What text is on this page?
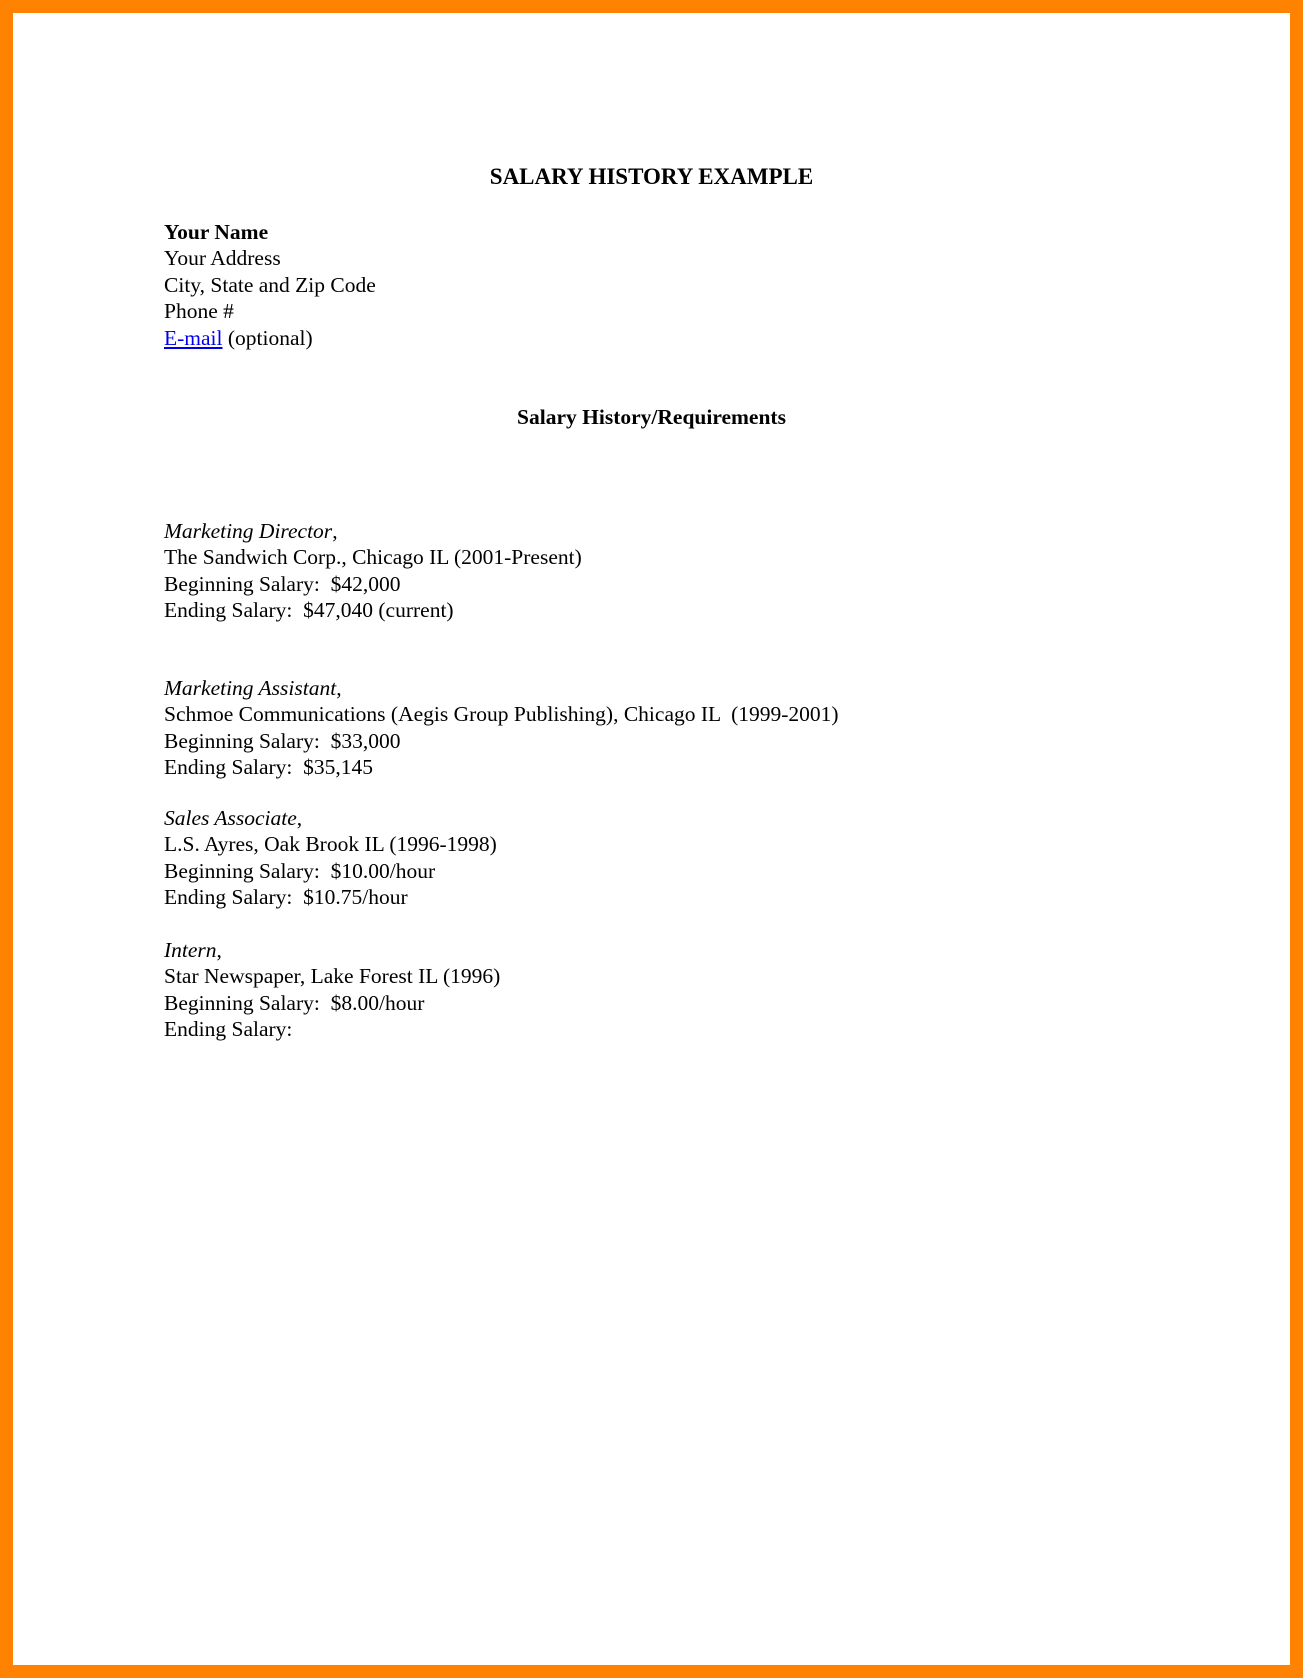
SALARY HISTORY EXAMPLE
Your Name
Your Address
City, State and Zip Code
Phone #
E-mail (optional)
Salary History/Requirements
Marketing Director,
The Sandwich Corp., Chicago IL (2001-Present)
Beginning Salary:  $42,000
Ending Salary:  $47,040 (current)
Marketing Assistant,
Schmoe Communications (Aegis Group Publishing), Chicago IL  (1999-2001)
Beginning Salary:  $33,000
Ending Salary:  $35,145
Sales Associate,
L.S. Ayres, Oak Brook IL (1996-1998)
Beginning Salary:  $10.00/hour
Ending Salary:  $10.75/hour
Intern,
Star Newspaper, Lake Forest IL (1996)
Beginning Salary:  $8.00/hour
Ending Salary:
